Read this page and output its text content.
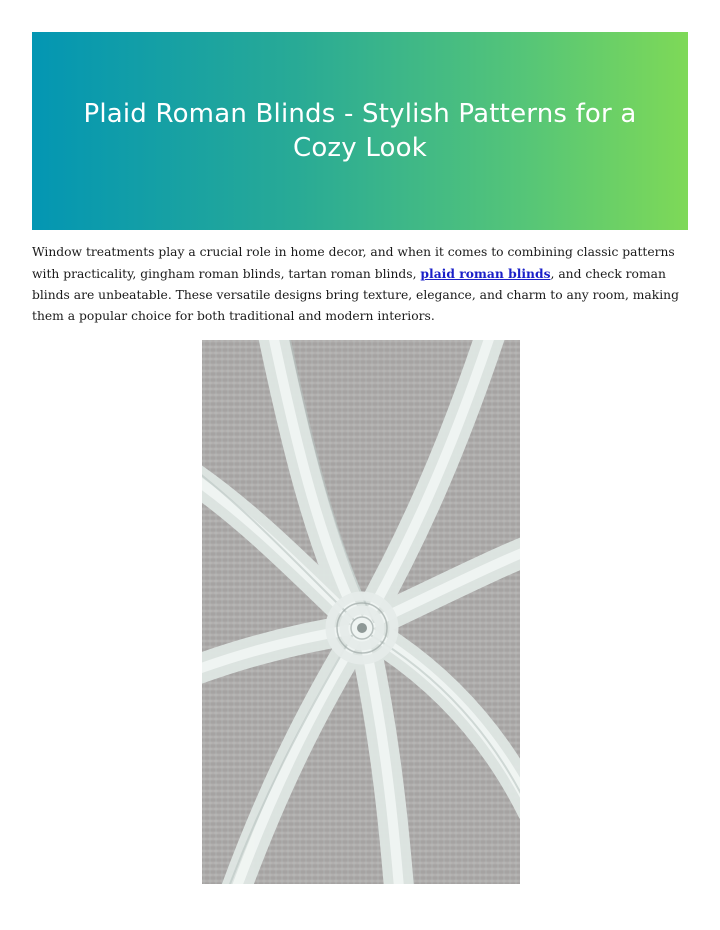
Plaid Roman Blinds - Stylish Patterns for a Cozy Look

Window treatments play a crucial role in home decor, and when it comes to combining classic patterns with practicality, gingham roman blinds, tartan roman blinds, plaid roman blinds, and check roman blinds are unbeatable. These versatile designs bring texture, elegance, and charm to any room, making them a popular choice for both traditional and modern interiors.
